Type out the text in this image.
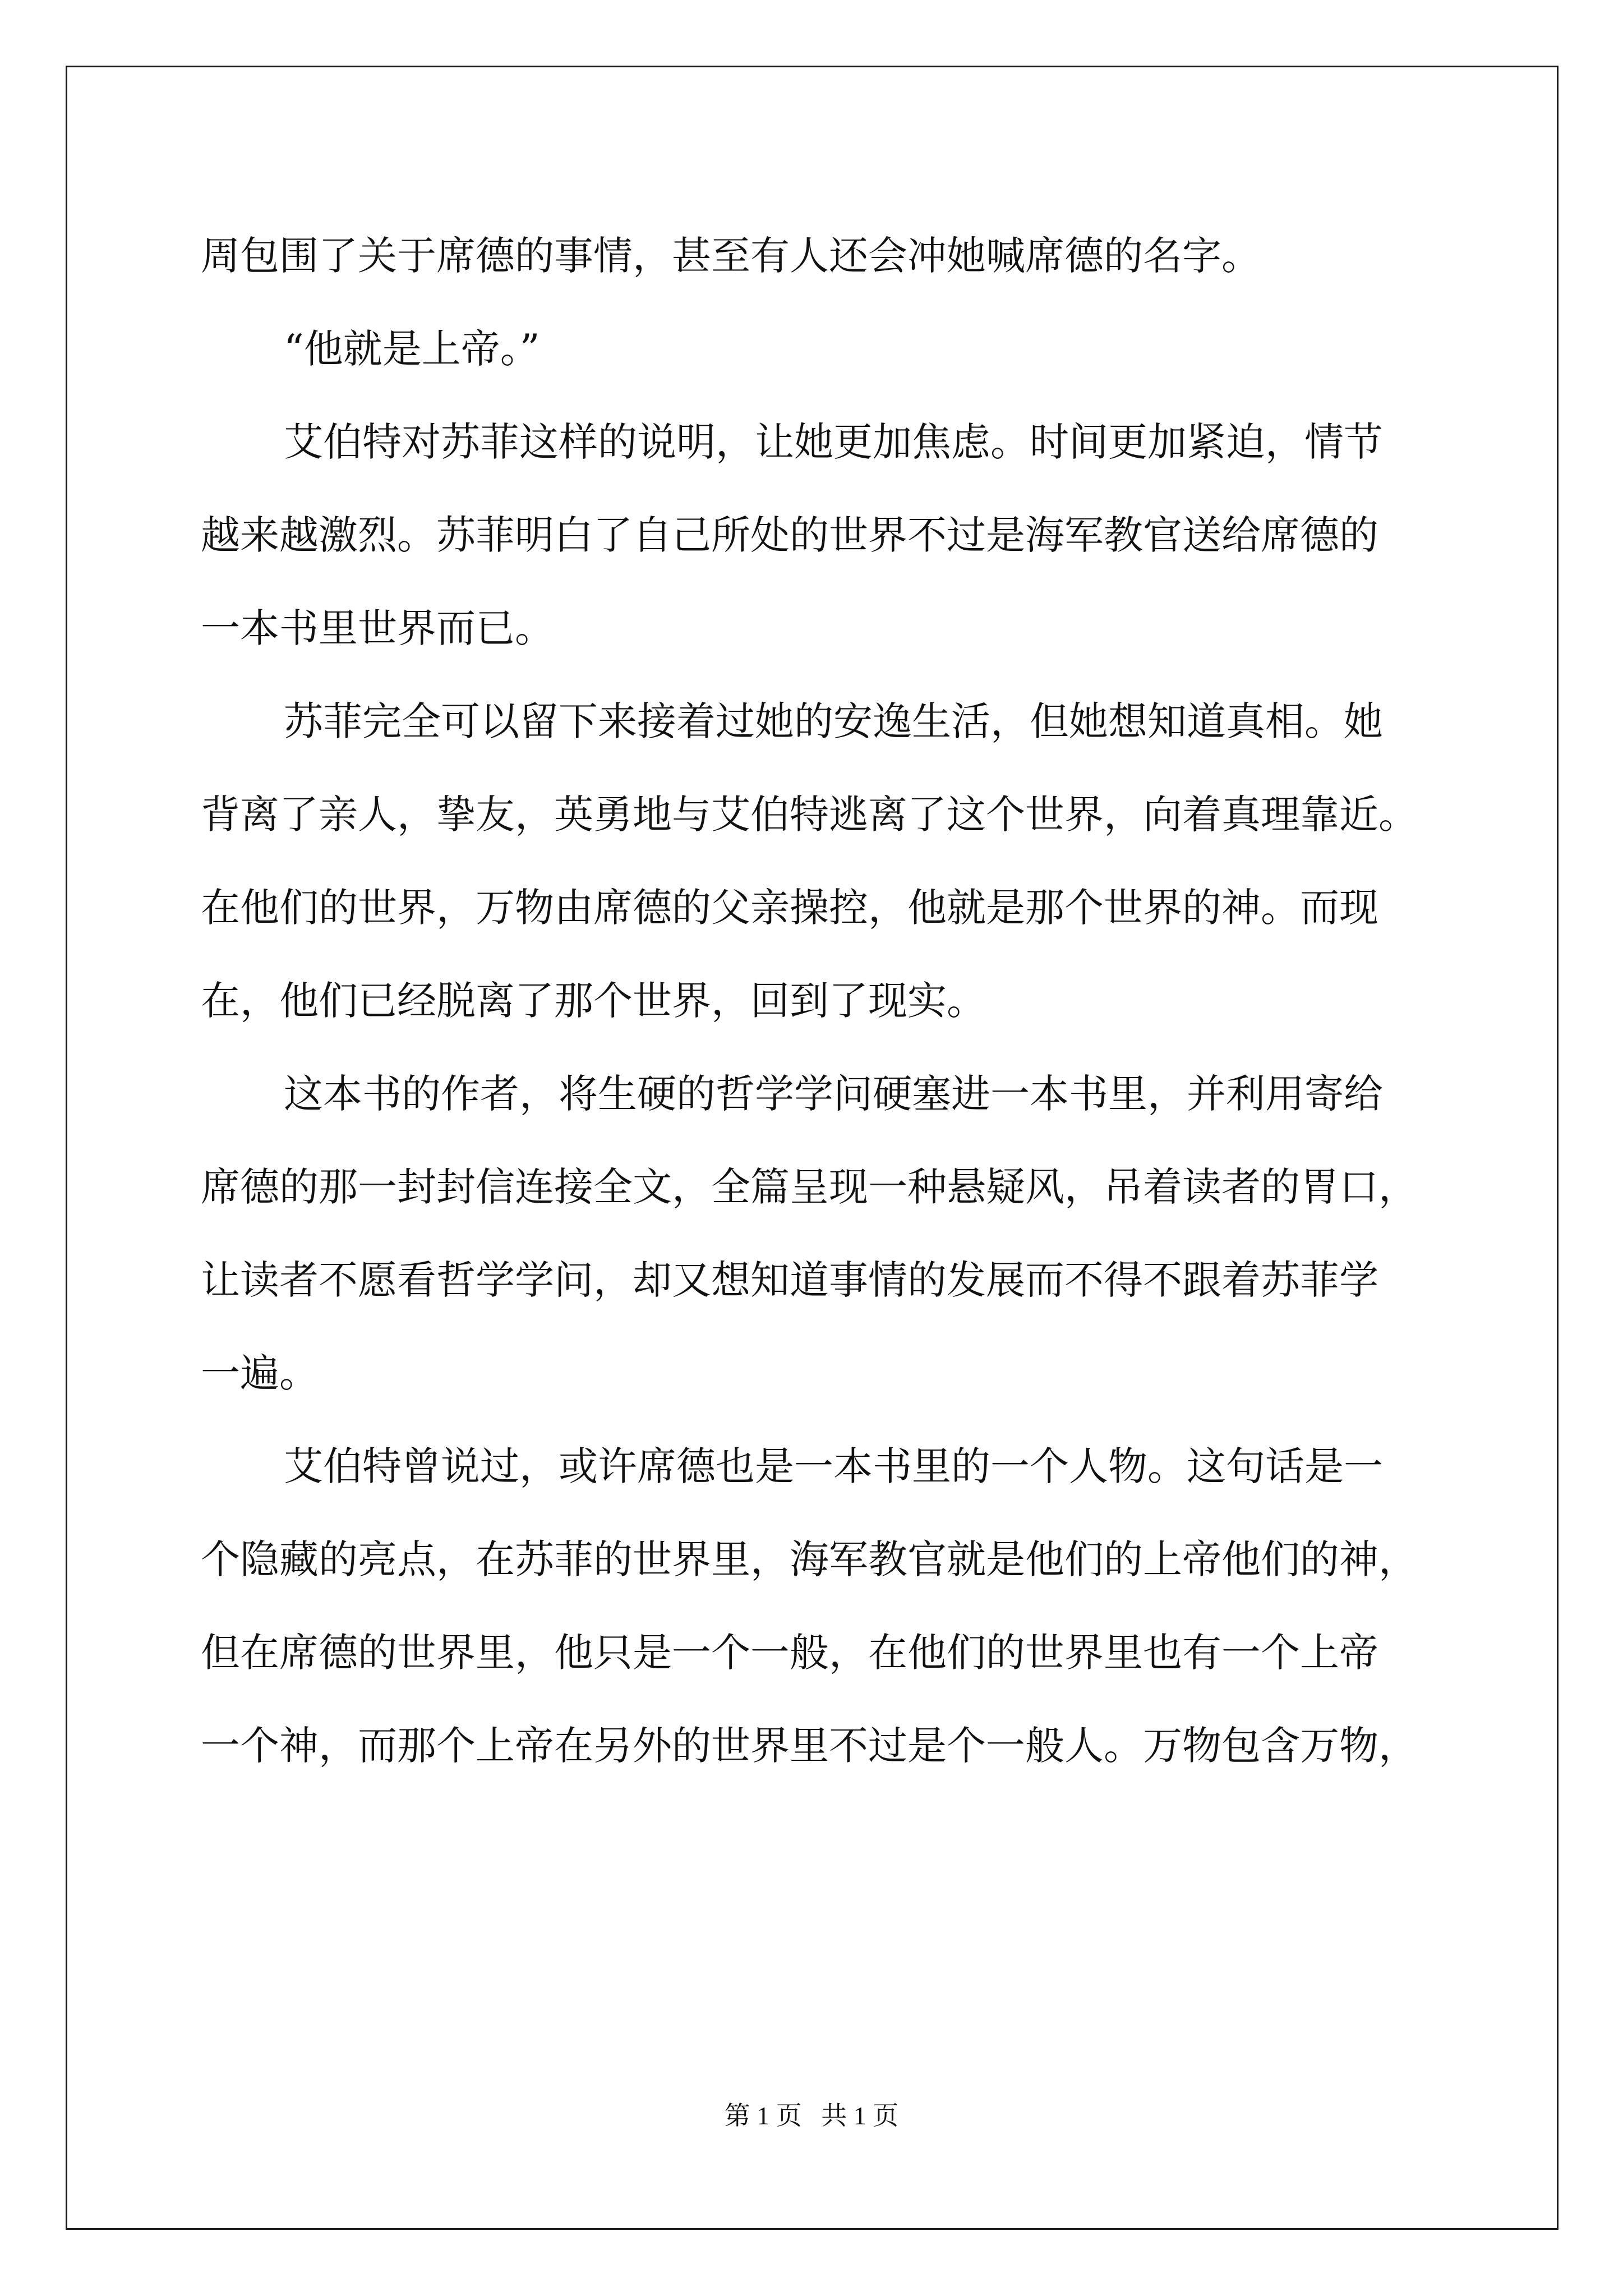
周包围了关于席德的事情，甚至有人还会冲她喊席德的名字。
“他就是上帝。”
艾伯特对苏菲这样的说明，让她更加焦虑。时间更加紧迫，情节
越来越激烈。苏菲明白了自己所处的世界不过是海军教官送给席德的
一本书里世界而已。
苏菲完全可以留下来接着过她的安逸生活，但她想知道真相。她
背离了亲人，挚友，英勇地与艾伯特逃离了这个世界，向着真理靠近。
在他们的世界，万物由席德的父亲操控，他就是那个世界的神。而现
在，他们已经脱离了那个世界，回到了现实。
这本书的作者，将生硬的哲学学问硬塞进一本书里，并利用寄给
席德的那一封封信连接全文，全篇呈现一种悬疑风，吊着读者的胃口，
让读者不愿看哲学学问，却又想知道事情的发展而不得不跟着苏菲学
一遍。
艾伯特曾说过，或许席德也是一本书里的一个人物。这句话是一
个隐藏的亮点，在苏菲的世界里，海军教官就是他们的上帝他们的神，
但在席德的世界里，他只是一个一般，在他们的世界里也有一个上帝
一个神，而那个上帝在另外的世界里不过是个一般人。万物包含万物，
第 1 页 共 1 页
